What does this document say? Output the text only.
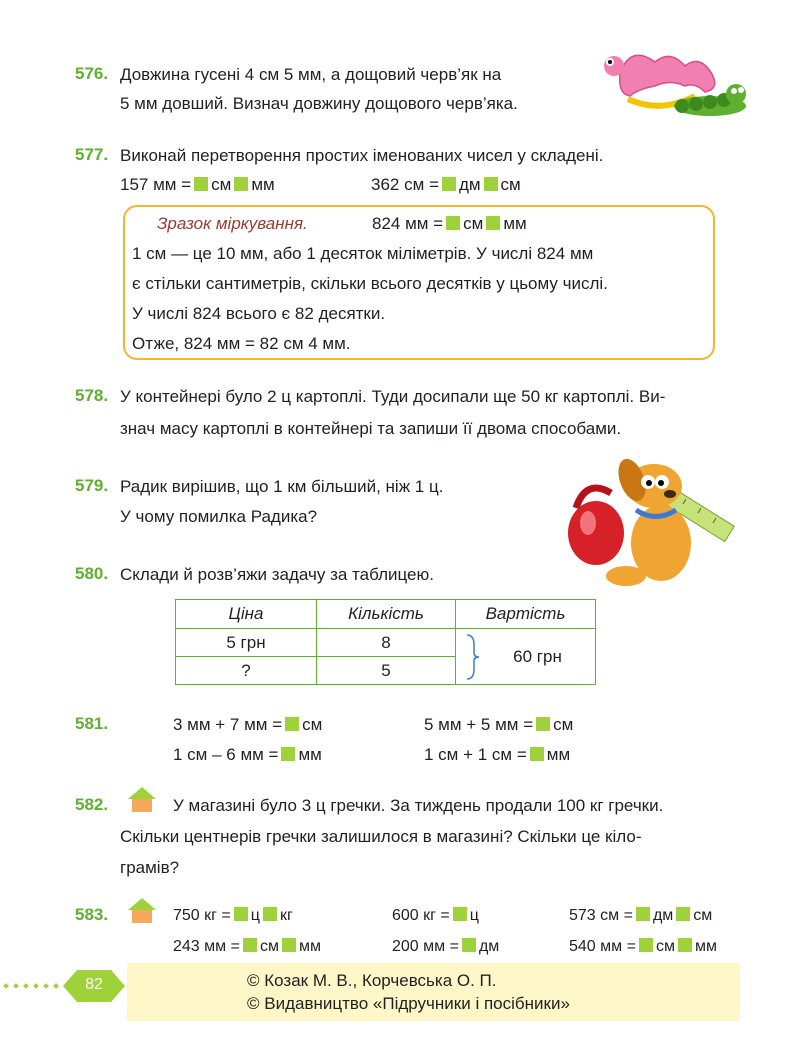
576. Довжина гусені 4 см 5 мм, а дощовий черв’як на
5 мм довший. Визнач довжину дощового черв’яка.
577. Виконай перетворення простих іменованих чисел у складені.
157 мм = см мм	362 см = дм см
Зразок міркування.	824 мм = см мм
1 см — це 10 мм, або 1 десяток міліметрів. У числі 824 мм
є стільки сантиметрів, скільки всього десятків у цьому числі.
У числі 824 всього є 82 десятки.
Отже, 824 мм = 82 см 4 мм.
578. У контейнері було 2 ц картоплі. Туди досипали ще 50 кг картоплі. Ви-
знач масу картоплі в контейнері та запиши її двома способами.
579. Радик вирішив, що 1 км більший, ніж 1 ц.
У чому помилка Радика?
580. Склади й розв’яжи задачу за таблицею.
Ціна	Кількість	Вартість
5 грн	8	60 грн
?	5	
581.	3 мм + 7 мм = см	5 мм + 5 мм = см
1 см – 6 мм = мм	1 см + 1 см = мм
582.	У магазині було 3 ц гречки. За тиждень продали 100 кг гречки.
Скільки центнерів гречки залишилося в магазині? Скільки це кіло-
грамів?
583.	750 кг = ц кг	600 кг = ц	573 см = дм см
243 мм = см мм	200 мм = дм	540 мм = см мм
© Козак М. В., Корчевська О. П.
© Видавництво «Підручники і посібники»
82
